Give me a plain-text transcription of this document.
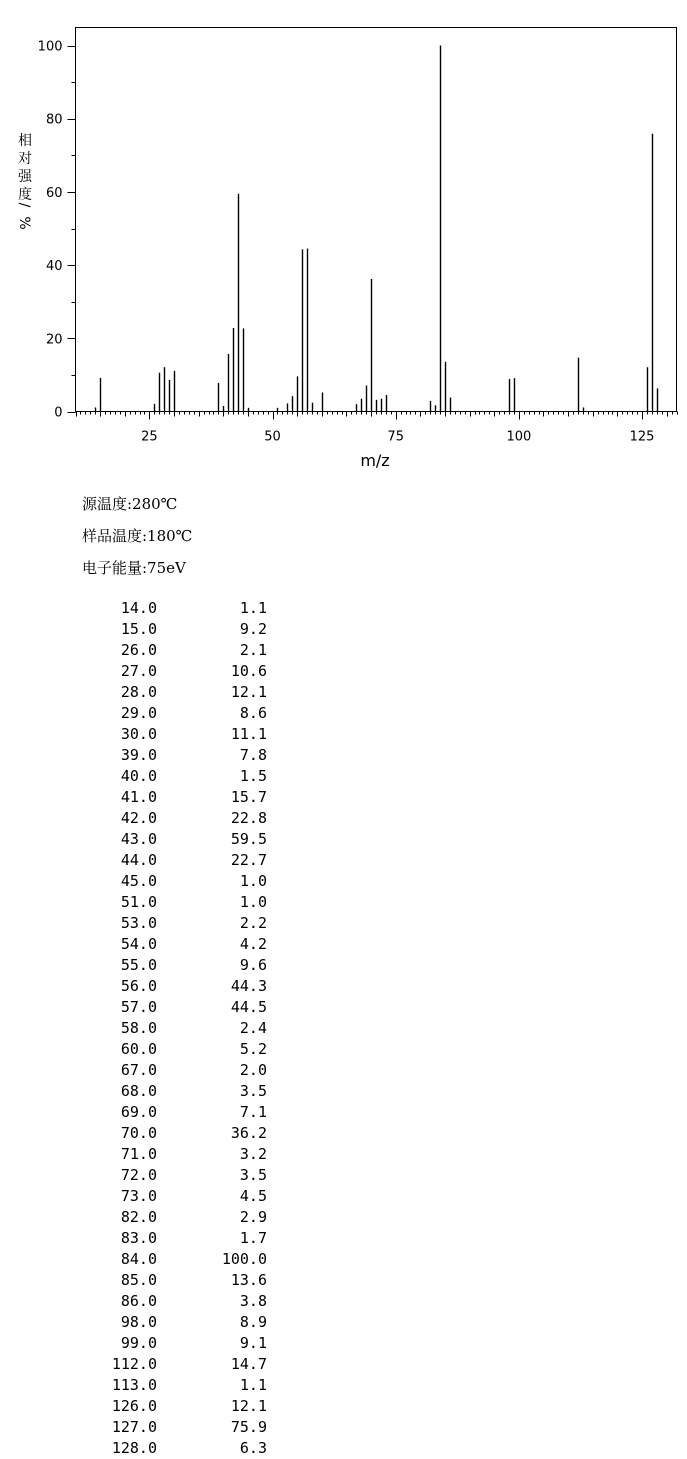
25	50	75	100	125
0
20
40
60
80
100
m/z
相
对
强
度
/
%
源温度:280℃
样品温度:180℃
电子能量:75eV
14.0	1.1
15.0	9.2
26.0	2.1
27.0	10.6
28.0	12.1
29.0	8.6
30.0	11.1
39.0	7.8
40.0	1.5
41.0	15.7
42.0	22.8
43.0	59.5
44.0	22.7
45.0	1.0
51.0	1.0
53.0	2.2
54.0	4.2
55.0	9.6
56.0	44.3
57.0	44.5
58.0	2.4
60.0	5.2
67.0	2.0
68.0	3.5
69.0	7.1
70.0	36.2
71.0	3.2
72.0	3.5
73.0	4.5
82.0	2.9
83.0	1.7
84.0	100.0
85.0	13.6
86.0	3.8
98.0	8.9
99.0	9.1
112.0	14.7
113.0	1.1
126.0	12.1
127.0	75.9
128.0	6.3
